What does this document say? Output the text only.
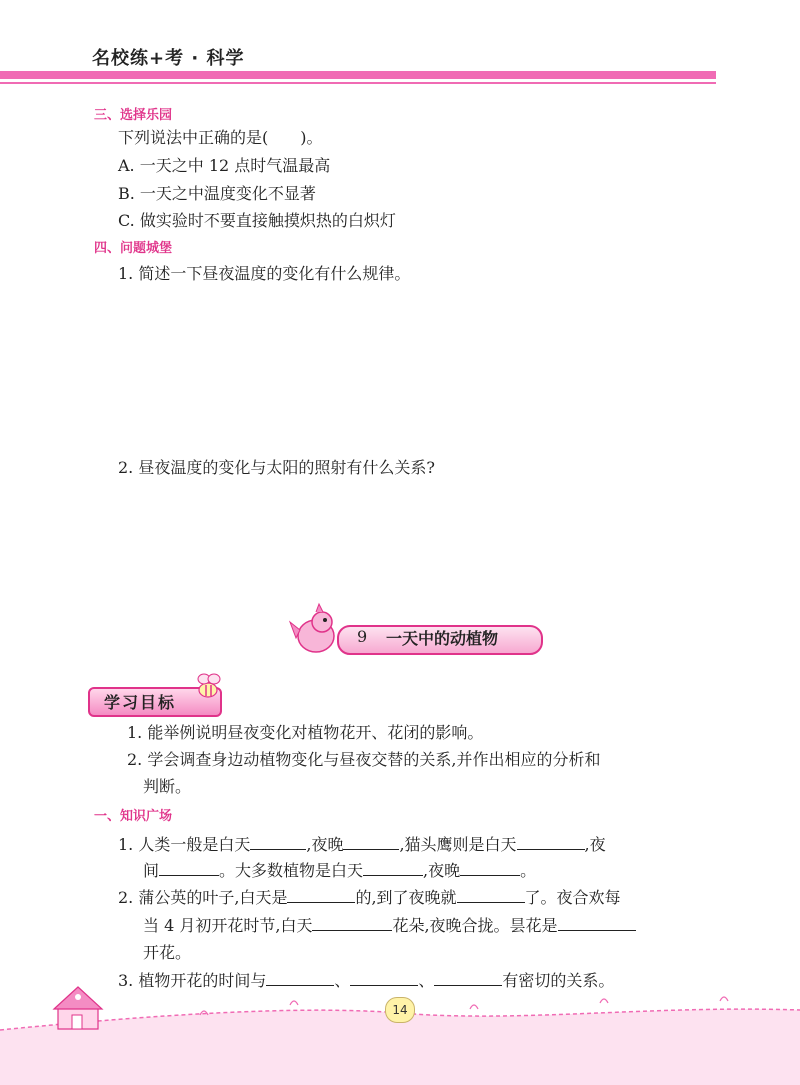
名校练+考 · 科学
三、选择乐园
下列说法中正确的是(　　)。
A. 一天之中 12 点时气温最高
B. 一天之中温度变化不显著
C. 做实验时不要直接触摸炽热的白炽灯
四、问题城堡
1. 简述一下昼夜温度的变化有什么规律。
2. 昼夜温度的变化与太阳的照射有什么关系?
9 一天中的动植物
学习目标
1. 能举例说明昼夜变化对植物花开、花闭的影响。
2. 学会调查身边动植物变化与昼夜交替的关系,并作出相应的分析和
判断。
一、知识广场
1. 人类一般是白天	,夜晚	,猫头鹰则是白天	,夜
间	。大多数植物是白天	,夜晚	。
2. 蒲公英的叶子,白天是	的,到了夜晚就	了。夜合欢每
当 4 月初开花时节,白天	花朵,夜晚合拢。昙花是
开花。
3. 植物开花的时间与	、	、	有密切的关系。
14
